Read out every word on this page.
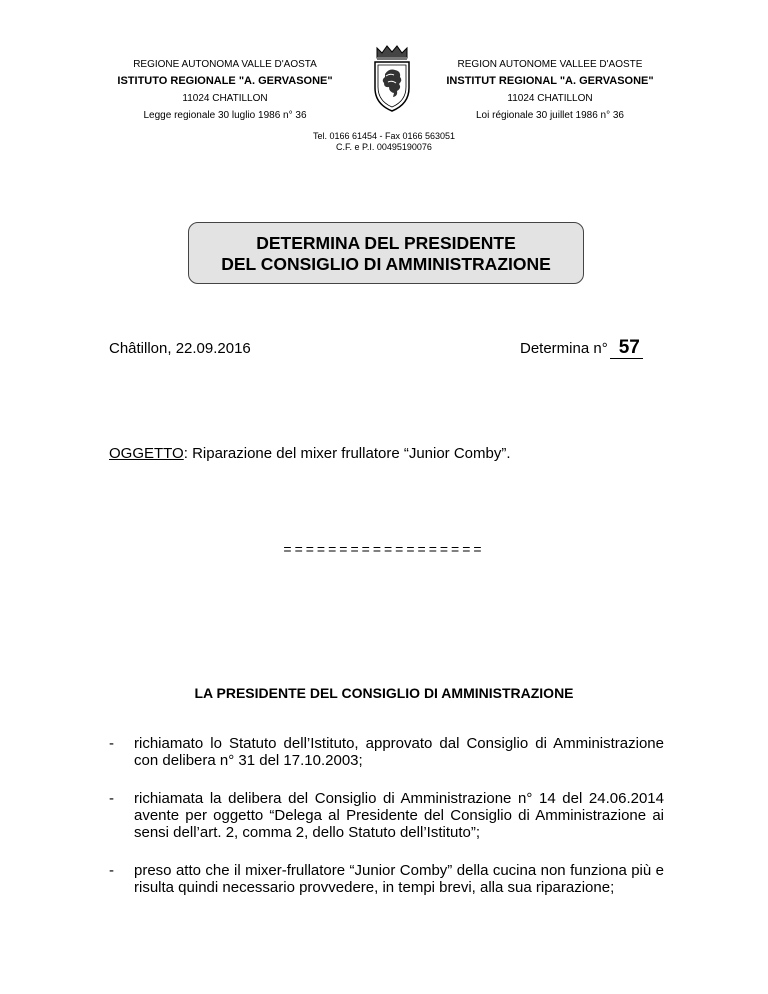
REGIONE AUTONOMA VALLE D'AOSTA
ISTITUTO REGIONALE "A. GERVASONE"
11024 CHATILLON
Legge regionale 30 luglio 1986 n° 36
REGION AUTONOME VALLEE D'AOSTE
INSTITUT REGIONAL "A. GERVASONE"
11024 CHATILLON
Loi régionale 30 juillet 1986 n° 36
Tel. 0166 61454 - Fax 0166 563051
C.F. e P.I. 00495190076
DETERMINA DEL PRESIDENTE
DEL CONSIGLIO DI AMMINISTRAZIONE
Châtillon, 22.09.2016	Determina n° 57
OGGETTO: Riparazione del mixer frullatore “Junior Comby”.
==================
LA PRESIDENTE DEL CONSIGLIO DI AMMINISTRAZIONE
- richiamato lo Statuto dell’Istituto, approvato dal Consiglio di Amministrazione con delibera n° 31 del 17.10.2003;
- richiamata la delibera del Consiglio di Amministrazione n° 14 del 24.06.2014 avente per oggetto “Delega al Presidente del Consiglio di Amministrazione ai sensi dell’art. 2, comma 2, dello Statuto dell’Istituto”;
- preso atto che il mixer-frullatore “Junior Comby” della cucina non funziona più e risulta quindi necessario provvedere, in tempi brevi, alla sua riparazione;
